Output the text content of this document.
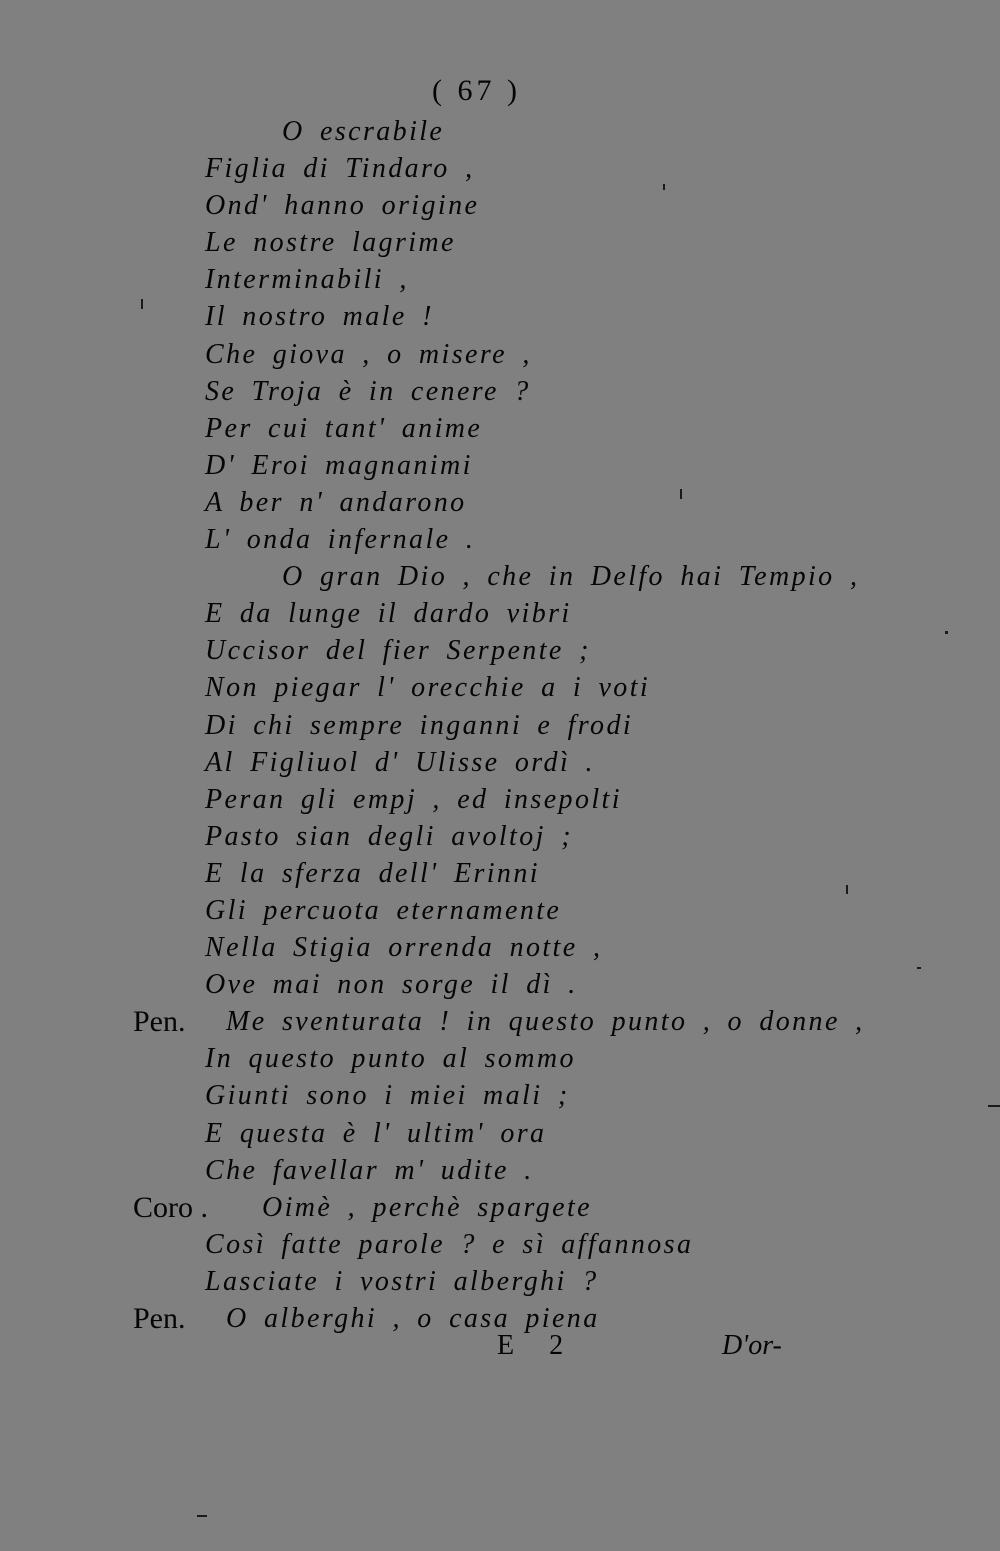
( 67 )
O escrabile
Figlia di Tindaro ,
Ond' hanno origine
Le nostre lagrime
Interminabili ,
Il nostro male !
Che giova , o misere ,
Se Troja è in cenere ?
Per cui tant' anime
D' Eroi magnanimi
A ber n' andarono
L' onda infernale .
O gran Dio , che in Delfo hai Tempio ,
E da lunge il dardo vibri
Uccisor del fier Serpente ;
Non piegar l' orecchie a i voti
Di chi sempre inganni e frodi
Al Figliuol d' Ulisse ordì .
Peran gli empj , ed insepolti
Pasto sian degli avoltoj ;
E la sferza dell' Erinni
Gli percuota eternamente
Nella Stigia orrenda notte ,
Ove mai non sorge il dì .
Pen. Me sventurata ! in questo punto , o donne ,
In questo punto al sommo
Giunti sono i miei mali ;
E questa è l' ultim' ora
Che favellar m' udite .
Coro . Oimè , perchè spargete
Così fatte parole ? e sì affannosa
Lasciate i vostri alberghi ?
Pen. O alberghi , o casa piena
E 2	D'or-
